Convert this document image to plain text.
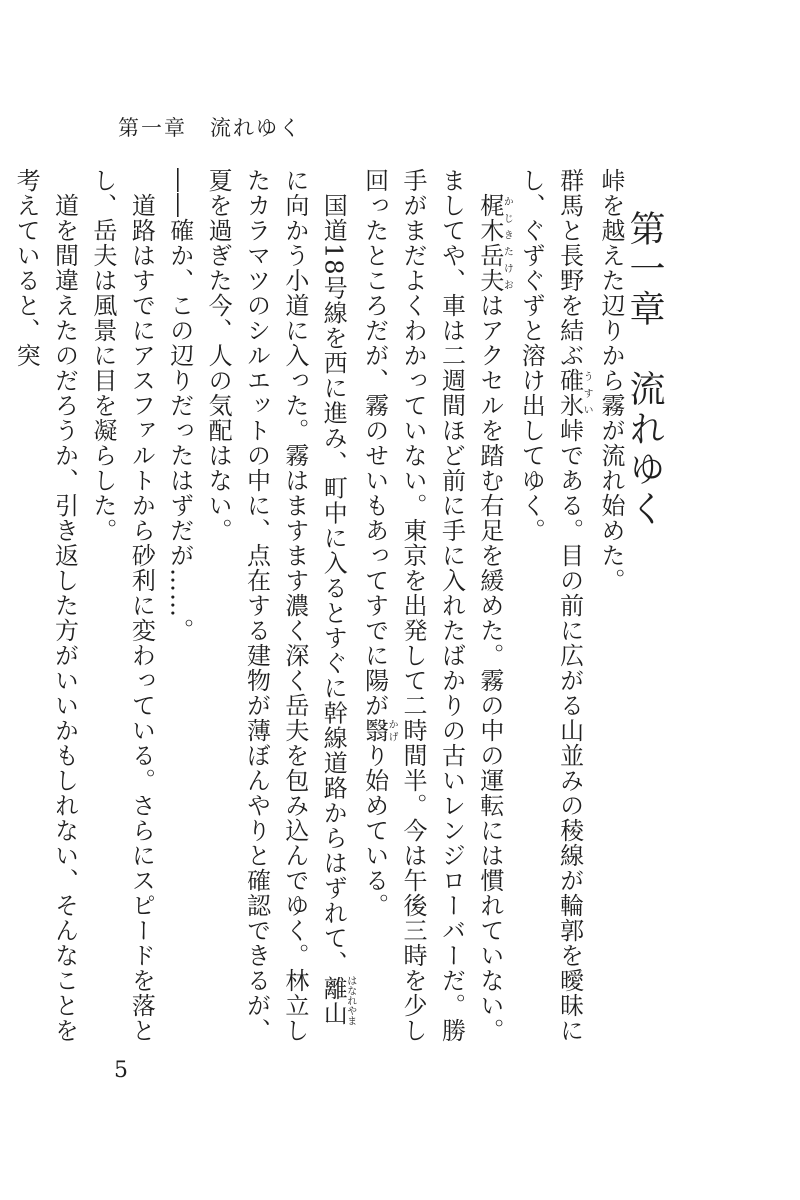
第一章　流れゆく
第一章　流れゆく

峠を越えた辺りから霧が流れ始めた。

群馬と長野を結ぶ碓氷うすい峠である。目の前に広がる山並みの稜線が輪郭を曖昧にし、ぐずぐずと溶け出してゆく。

　梶木かじき岳夫たけおはアクセルを踏む右足を緩めた。霧の中の運転には慣れていない。ましてや、車は二週間ほど前に手に入れたばかりの古いレンジローバーだ。勝手がまだよくわかっていない。東京を出発して二時間半。今は午後三時を少し回ったところだが、霧のせいもあってすでに陽が翳かげり始めている。

　国道18号線を西に進み、町中に入るとすぐに幹線道路からはずれて、離山はなれやまに向かう小道に入った。霧はますます濃く深く岳夫を包み込んでゆく。林立したカラマツのシルエットの中に、点在する建物が薄ぼんやりと確認できるが、夏を過ぎた今、人の気配はない。

――確か、この辺りだったはずだが……。

　道路はすでにアスファルトから砂利に変わっている。さらにスピードを落とし、岳夫は風景に目を凝らした。

　道を間違えたのだろうか、引き返した方がいいかもしれない、そんなことを考えていると、突

5
